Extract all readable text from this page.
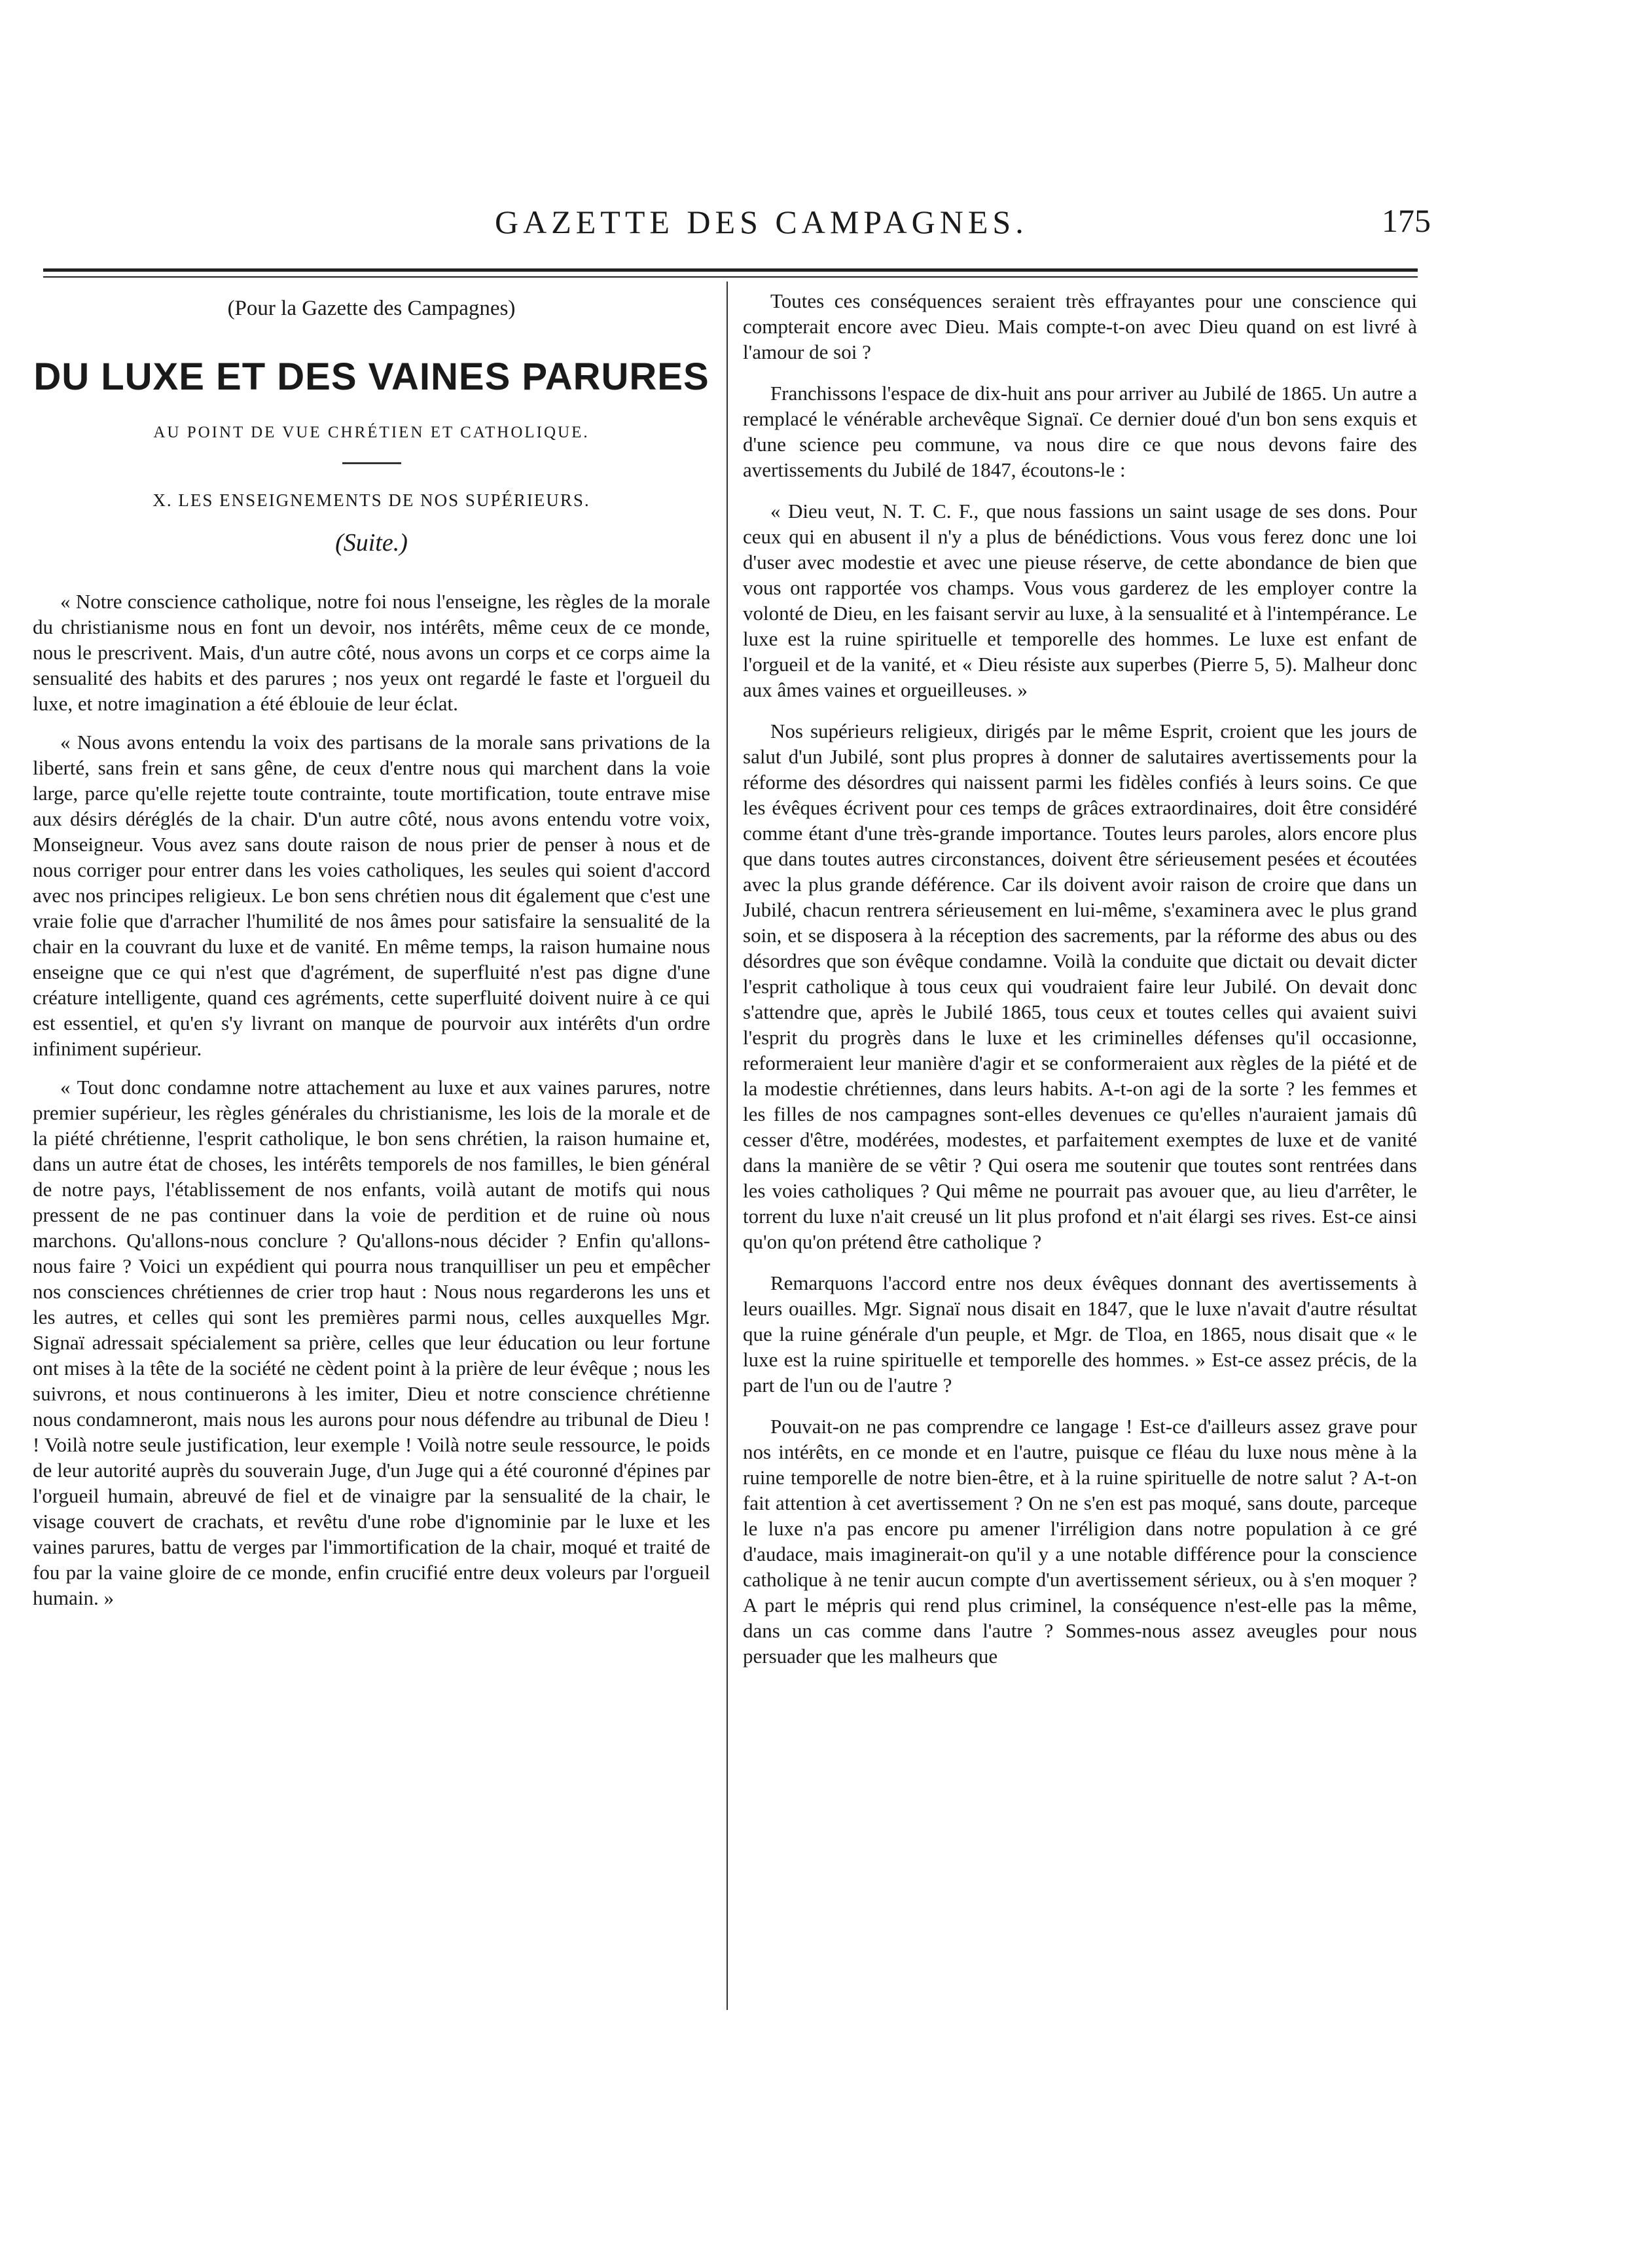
GAZETTE DES CAMPAGNES.	175

(Pour la Gazette des Campagnes)

DU LUXE ET DES VAINES PARURES
AU POINT DE VUE CHRÉTIEN ET CATHOLIQUE.
X. LES ENSEIGNEMENTS DE NOS SUPÉRIEURS.
(Suite.)

« Notre conscience catholique, notre foi nous l'enseigne, les règles de la morale du christianisme nous en font un devoir, nos intérêts, même ceux de ce monde, nous le prescrivent. Mais, d'un autre côté, nous avons un corps et ce corps aime la sensualité des habits et des parures ; nos yeux ont regardé le faste et l'orgueil du luxe, et notre imagination a été éblouie de leur éclat.

« Nous avons entendu la voix des partisans de la morale sans privations de la liberté, sans frein et sans gêne, de ceux d'entre nous qui marchent dans la voie large, parce qu'elle rejette toute contrainte, toute mortification, toute entrave mise aux désirs déréglés de la chair. D'un autre côté, nous avons entendu votre voix, Monseigneur. Vous avez sans doute raison de nous prier de penser à nous et de nous corriger pour entrer dans les voies catholiques, les seules qui soient d'accord avec nos principes religieux. Le bon sens chrétien nous dit également que c'est une vraie folie que d'arracher l'humilité de nos âmes pour satisfaire la sensualité de la chair en la couvrant du luxe et de vanité. En même temps, la raison humaine nous enseigne que ce qui n'est que d'agrément, de superfluité n'est pas digne d'une créature intelligente, quand ces agréments, cette superfluité doivent nuire à ce qui est essentiel, et qu'en s'y livrant on manque de pourvoir aux intérêts d'un ordre infiniment supérieur.

« Tout donc condamne notre attachement au luxe et aux vaines parures, notre premier supérieur, les règles générales du christianisme, les lois de la morale et de la piété chrétienne, l'esprit catholique, le bon sens chrétien, la raison humaine et, dans un autre état de choses, les intérêts temporels de nos familles, le bien général de notre pays, l'établissement de nos enfants, voilà autant de motifs qui nous pressent de ne pas continuer dans la voie de perdition et de ruine où nous marchons. Qu'allons-nous conclure ? Qu'allons-nous décider ? Enfin qu'allons-nous faire ? Voici un expédient qui pourra nous tranquilliser un peu et empêcher nos consciences chrétiennes de crier trop haut : Nous nous regarderons les uns et les autres, et celles qui sont les premières parmi nous, celles auxquelles Mgr. Signaï adressait spécialement sa prière, celles que leur éducation ou leur fortune ont mises à la tête de la société ne cèdent point à la prière de leur évêque ; nous les suivrons, et nous continuerons à les imiter, Dieu et notre conscience chrétienne nous condamneront, mais nous les aurons pour nous défendre au tribunal de Dieu ! ! Voilà notre seule justification, leur exemple ! Voilà notre seule ressource, le poids de leur autorité auprès du souverain Juge, d'un Juge qui a été couronné d'épines par l'orgueil humain, abreuvé de fiel et de vinaigre par la sensualité de la chair, le visage couvert de crachats, et revêtu d'une robe d'ignominie par le luxe et les vaines parures, battu de verges par l'immortification de la chair, moqué et traité de fou par la vaine gloire de ce monde, enfin crucifié entre deux voleurs par l'orgueil humain. »

Toutes ces conséquences seraient très effrayantes pour une conscience qui compterait encore avec Dieu. Mais compte-t-on avec Dieu quand on est livré à l'amour de soi ?

Franchissons l'espace de dix-huit ans pour arriver au Jubilé de 1865. Un autre a remplacé le vénérable archevêque Signaï. Ce dernier doué d'un bon sens exquis et d'une science peu commune, va nous dire ce que nous devons faire des avertissements du Jubilé de 1847, écoutons-le :

« Dieu veut, N. T. C. F., que nous fassions un saint usage de ses dons. Pour ceux qui en abusent il n'y a plus de bénédictions. Vous vous ferez donc une loi d'user avec modestie et avec une pieuse réserve, de cette abondance de bien que vous ont rapportée vos champs. Vous vous garderez de les employer contre la volonté de Dieu, en les faisant servir au luxe, à la sensualité et à l'intempérance. Le luxe est la ruine spirituelle et temporelle des hommes. Le luxe est enfant de l'orgueil et de la vanité, et « Dieu résiste aux superbes (Pierre 5, 5). Malheur donc aux âmes vaines et orgueilleuses. »

Nos supérieurs religieux, dirigés par le même Esprit, croient que les jours de salut d'un Jubilé, sont plus propres à donner de salutaires avertissements pour la réforme des désordres qui naissent parmi les fidèles confiés à leurs soins. Ce que les évêques écrivent pour ces temps de grâces extraordinaires, doit être considéré comme étant d'une très-grande importance. Toutes leurs paroles, alors encore plus que dans toutes autres circonstances, doivent être sérieusement pesées et écoutées avec la plus grande déférence. Car ils doivent avoir raison de croire que dans un Jubilé, chacun rentrera sérieusement en lui-même, s'examinera avec le plus grand soin, et se disposera à la réception des sacrements, par la réforme des abus ou des désordres que son évêque condamne. Voilà la conduite que dictait ou devait dicter l'esprit catholique à tous ceux qui voudraient faire leur Jubilé. On devait donc s'attendre que, après le Jubilé 1865, tous ceux et toutes celles qui avaient suivi l'esprit du progrès dans le luxe et les criminelles défenses qu'il occasionne, reformeraient leur manière d'agir et se conformeraient aux règles de la piété et de la modestie chrétiennes, dans leurs habits. A-t-on agi de la sorte ? les femmes et les filles de nos campagnes sont-elles devenues ce qu'elles n'auraient jamais dû cesser d'être, modérées, modestes, et parfaitement exemptes de luxe et de vanité dans la manière de se vêtir ? Qui osera me soutenir que toutes sont rentrées dans les voies catholiques ? Qui même ne pourrait pas avouer que, au lieu d'arrêter, le torrent du luxe n'ait creusé un lit plus profond et n'ait élargi ses rives. Est-ce ainsi qu'on qu'on prétend être catholique ?

Remarquons l'accord entre nos deux évêques donnant des avertissements à leurs ouailles. Mgr. Signaï nous disait en 1847, que le luxe n'avait d'autre résultat que la ruine générale d'un peuple, et Mgr. de Tloa, en 1865, nous disait que « le luxe est la ruine spirituelle et temporelle des hommes. » Est-ce assez précis, de la part de l'un ou de l'autre ?

Pouvait-on ne pas comprendre ce langage ! Est-ce d'ailleurs assez grave pour nos intérêts, en ce monde et en l'autre, puisque ce fléau du luxe nous mène à la ruine temporelle de notre bien-être, et à la ruine spirituelle de notre salut ? A-t-on fait attention à cet avertissement ? On ne s'en est pas moqué, sans doute, parceque le luxe n'a pas encore pu amener l'irréligion dans notre population à ce gré d'audace, mais imaginerait-on qu'il y a une notable différence pour la conscience catholique à ne tenir aucun compte d'un avertissement sérieux, ou à s'en moquer ? A part le mépris qui rend plus criminel, la conséquence n'est-elle pas la même, dans un cas comme dans l'autre ? Sommes-nous assez aveugles pour nous persuader que les malheurs que
